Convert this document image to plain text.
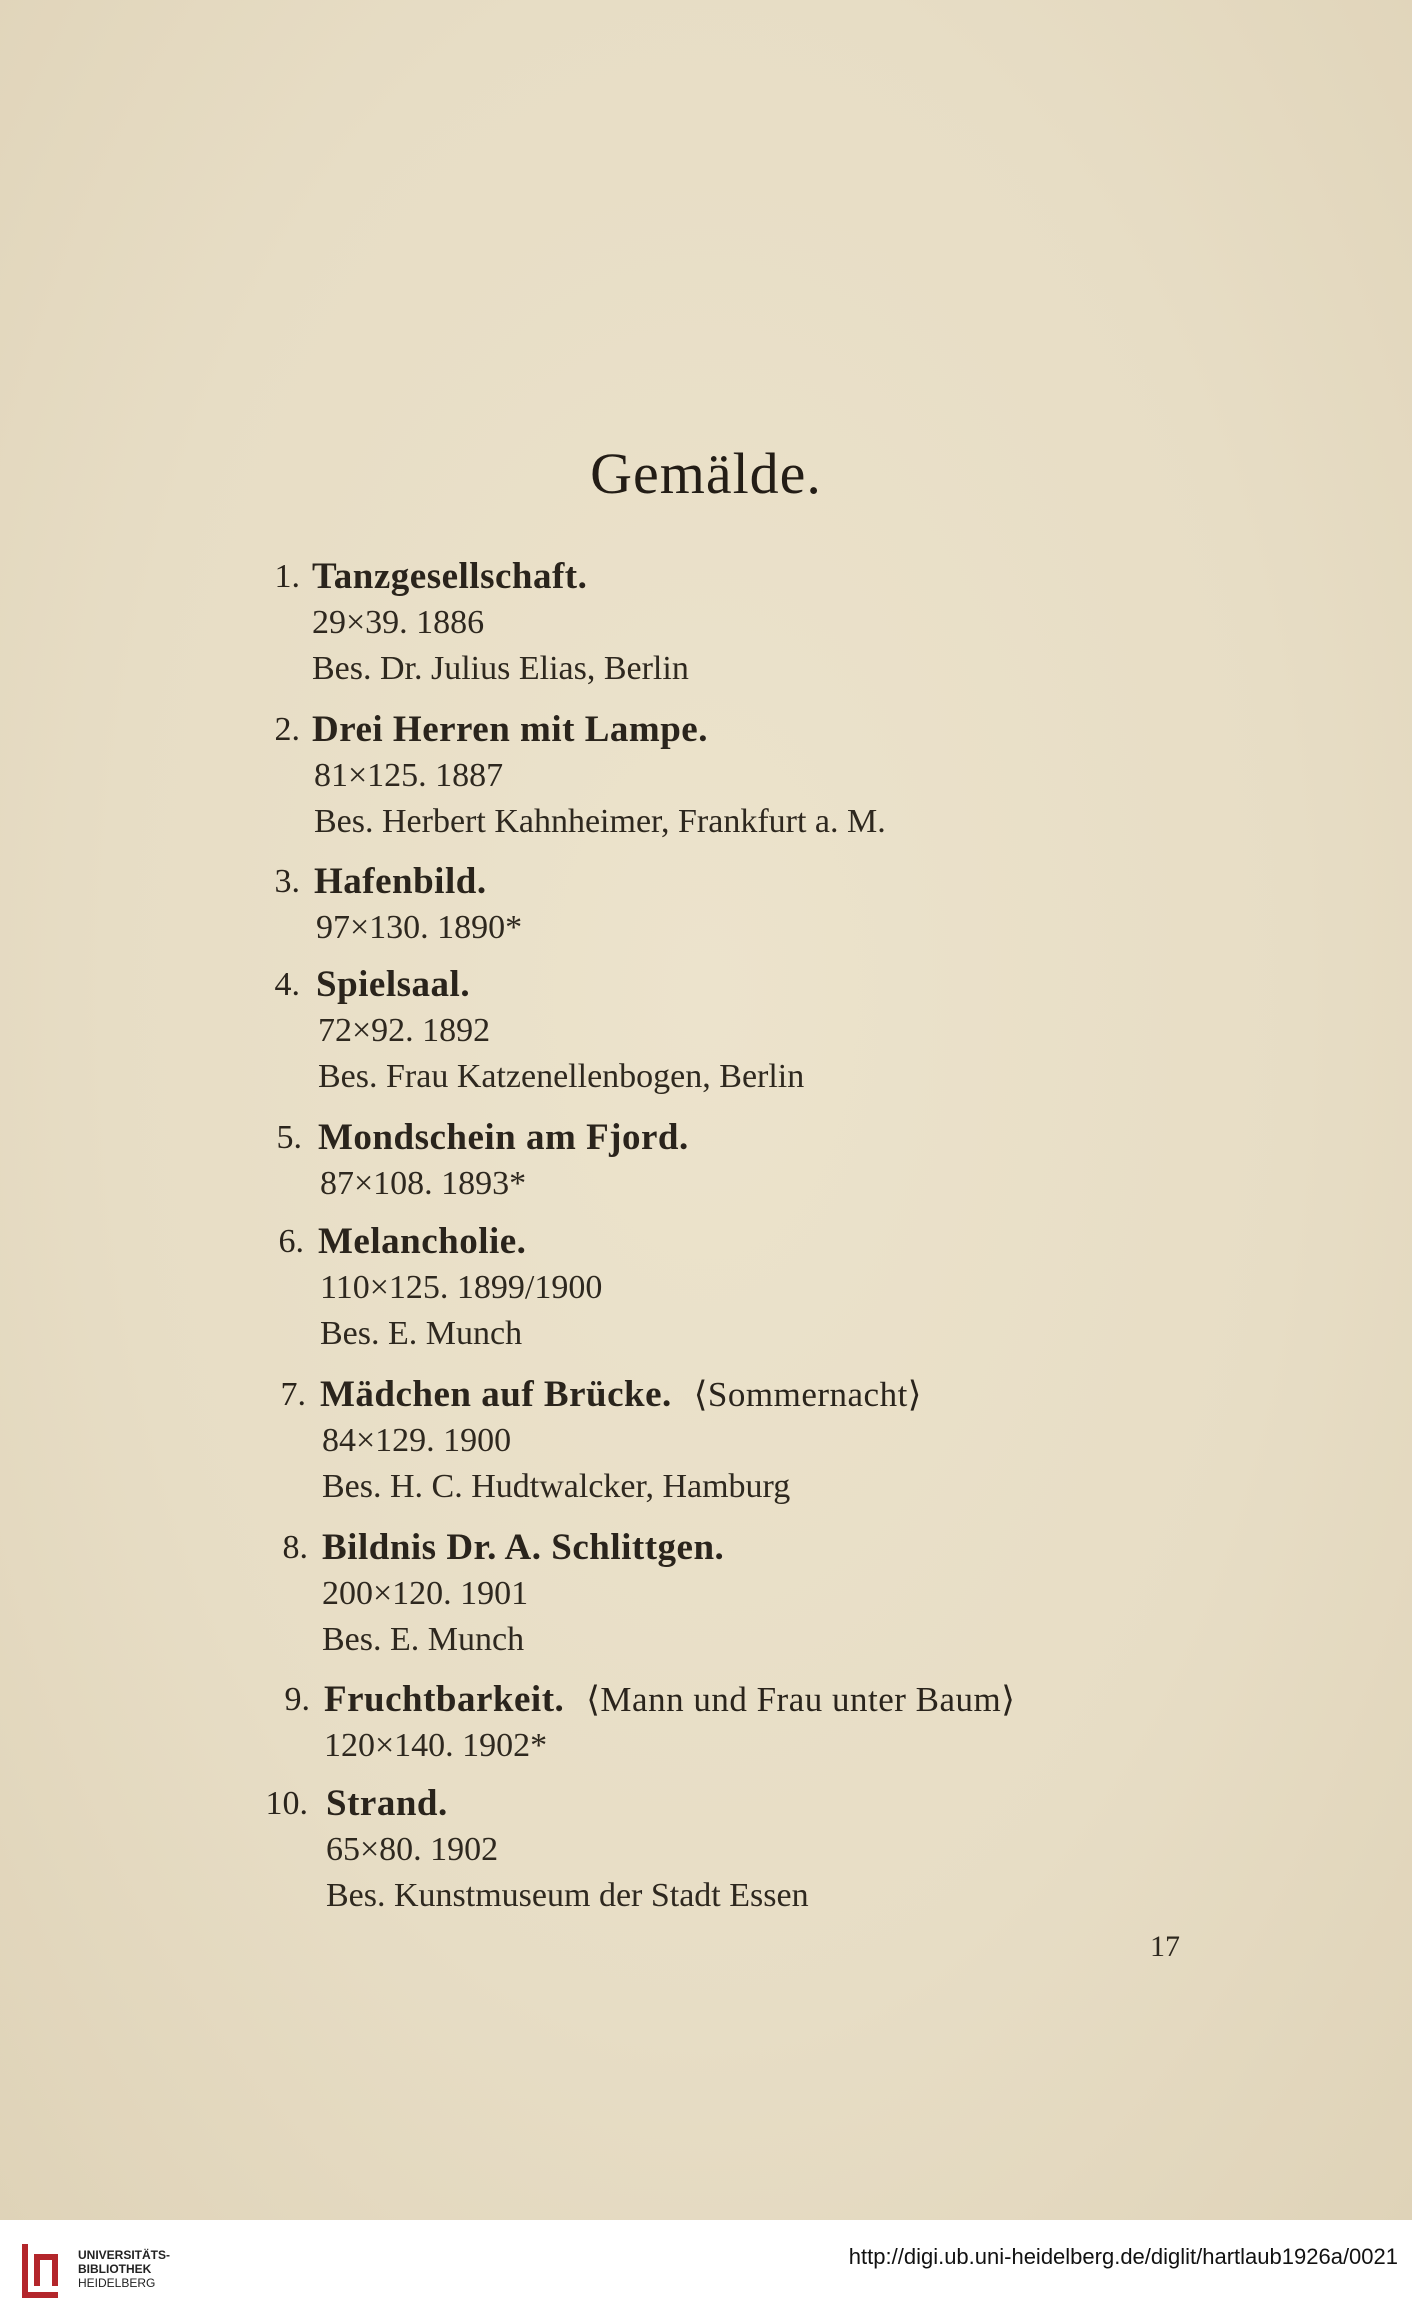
Gemälde.
1. Tanzgesellschaft.
29×39. 1886
Bes. Dr. Julius Elias, Berlin
2. Drei Herren mit Lampe.
81×125. 1887
Bes. Herbert Kahnheimer, Frankfurt a. M.
3. Hafenbild.
97×130. 1890*
4. Spielsaal.
72×92. 1892
Bes. Frau Katzenellenbogen, Berlin
5. Mondschein am Fjord.
87×108. 1893*
6. Melancholie.
110×125. 1899/1900
Bes. E. Munch
7. Mädchen auf Brücke. ⟨Sommernacht⟩
84×129. 1900
Bes. H. C. Hudtwalcker, Hamburg
8. Bildnis Dr. A. Schlittgen.
200×120. 1901
Bes. E. Munch
9. Fruchtbarkeit. ⟨Mann und Frau unter Baum⟩
120×140. 1902*
10. Strand.
65×80. 1902
Bes. Kunstmuseum der Stadt Essen
17
UNIVERSITÄTS-
BIBLIOTHEK
HEIDELBERG
http://digi.ub.uni-heidelberg.de/diglit/hartlaub1926a/0021
